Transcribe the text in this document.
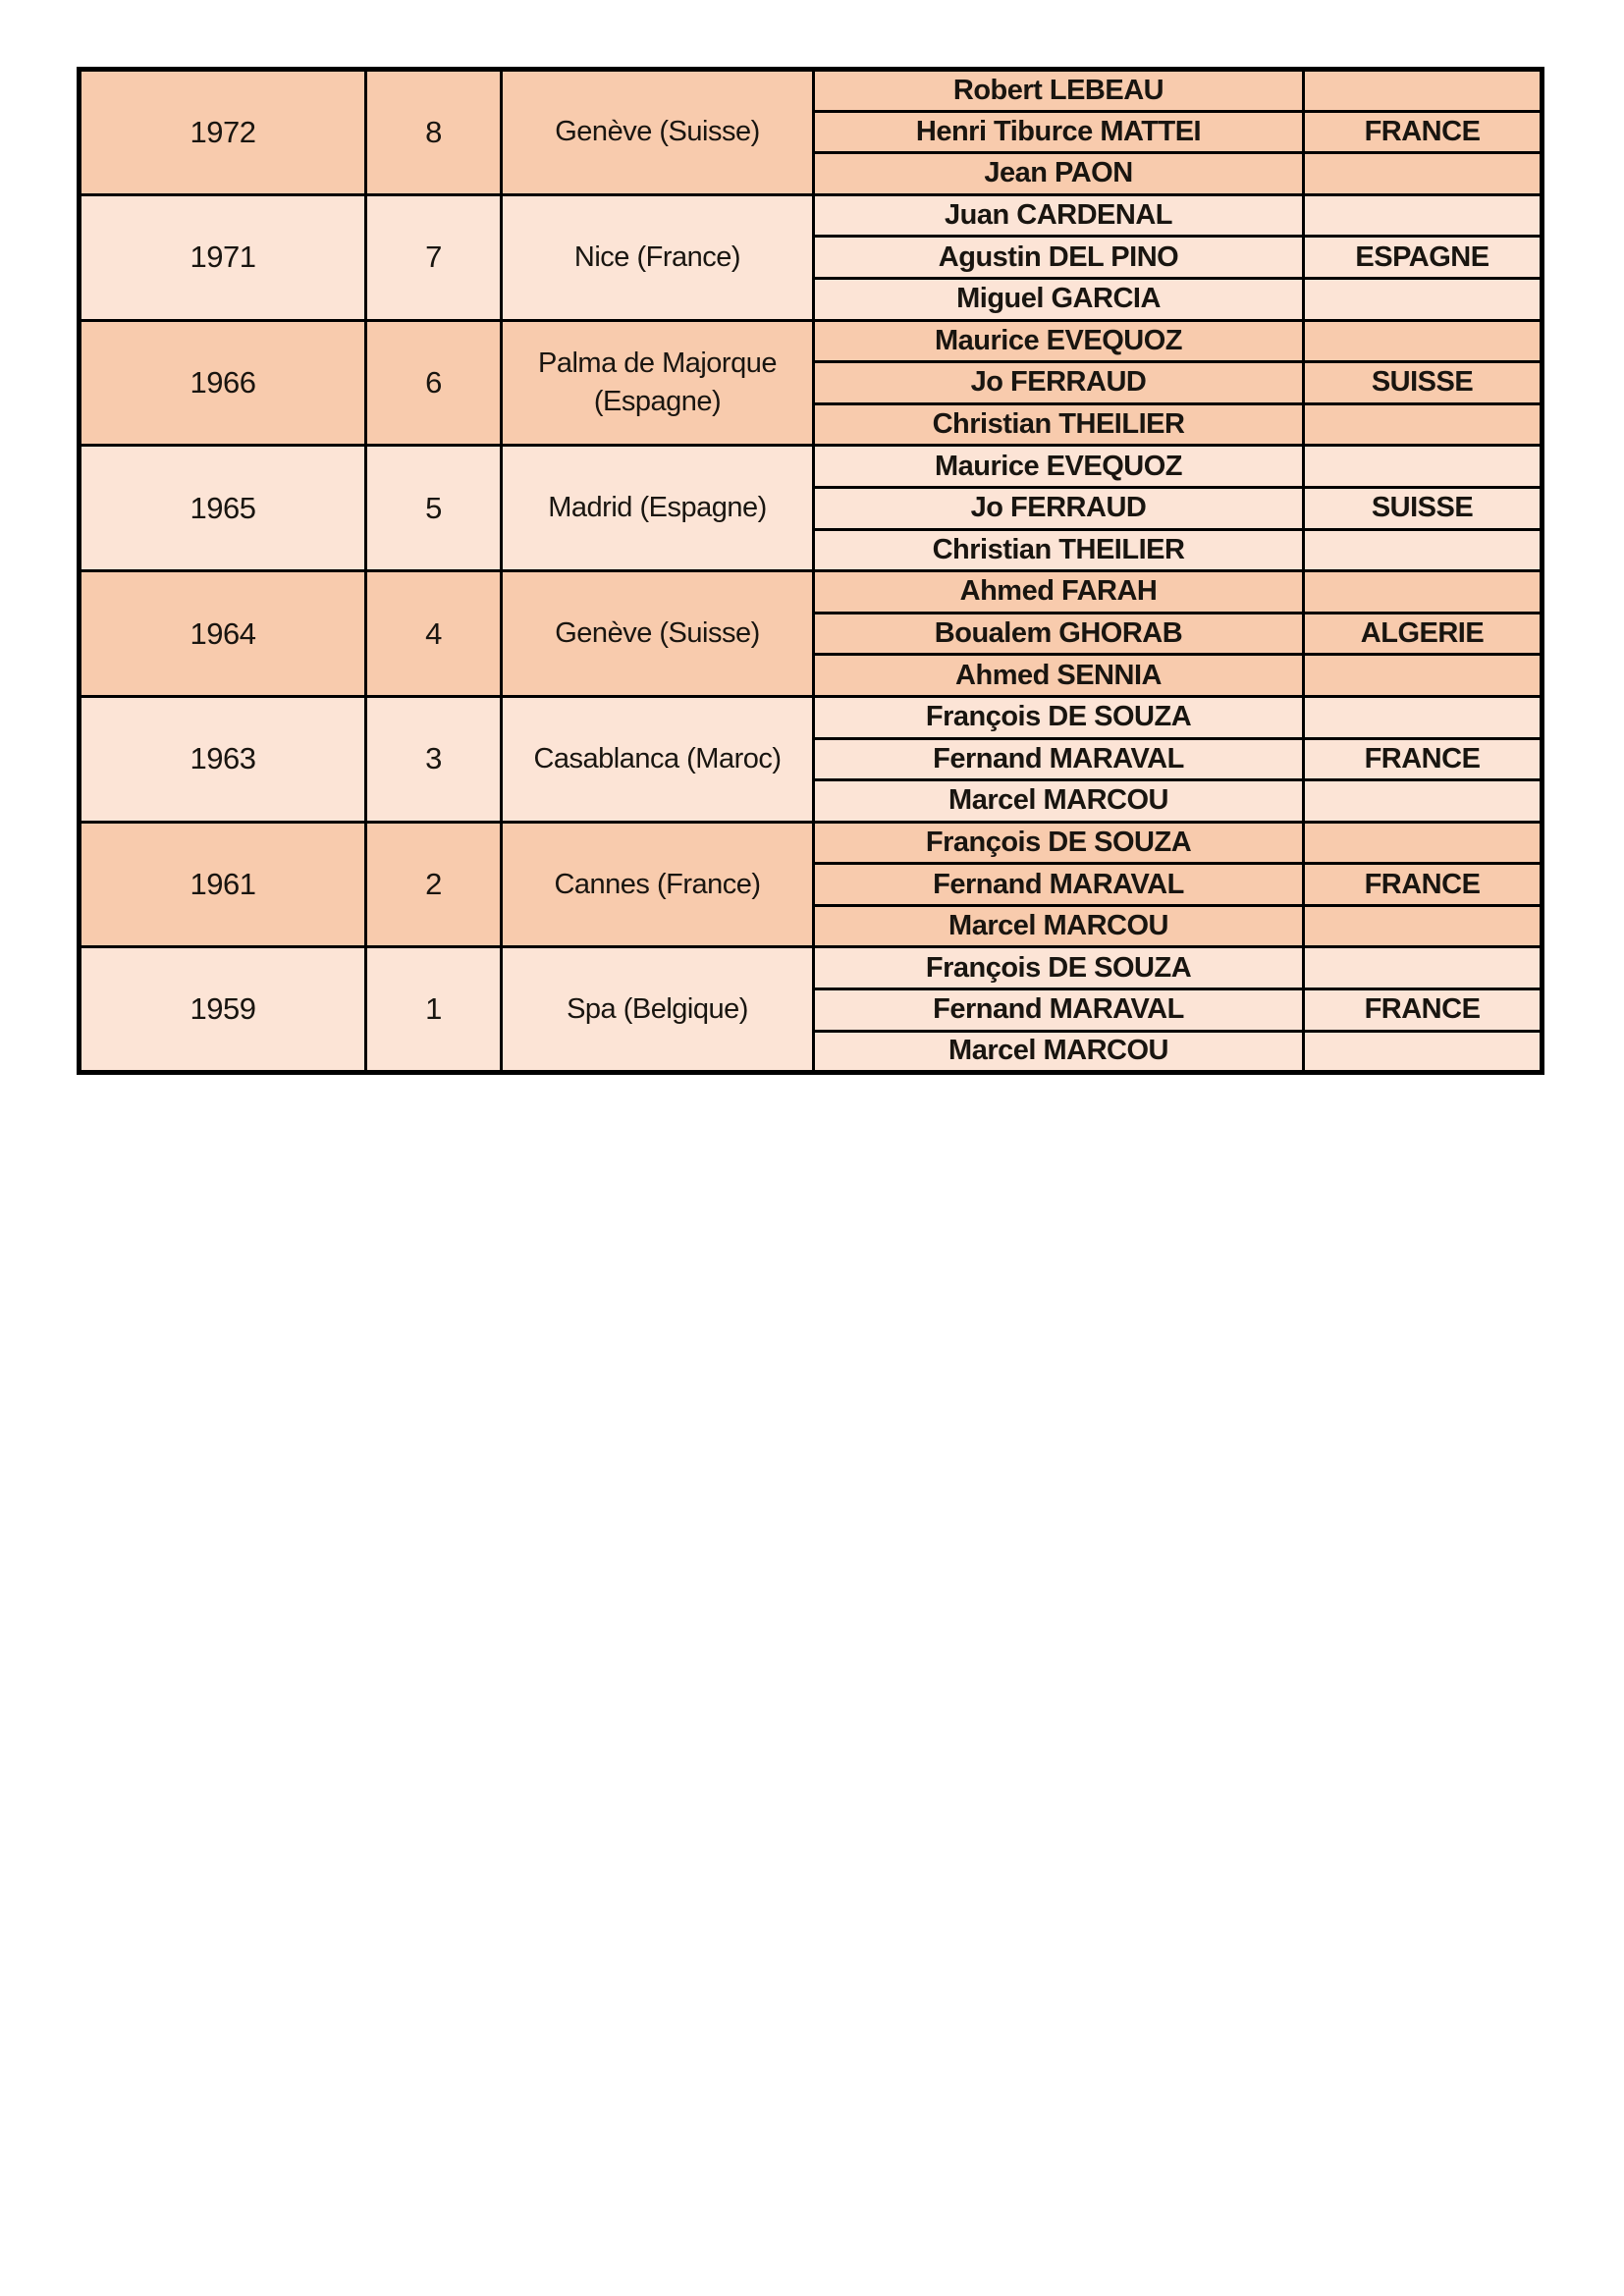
1972	8	Genève (Suisse)	Robert LEBEAU	
			Henri Tiburce MATTEI	FRANCE
			Jean PAON	
1971	7	Nice (France)	Juan CARDENAL	
			Agustin DEL PINO	ESPAGNE
			Miguel GARCIA	
1966	6	Palma de Majorque (Espagne)	Maurice EVEQUOZ	
			Jo FERRAUD	SUISSE
			Christian THEILIER	
1965	5	Madrid (Espagne)	Maurice EVEQUOZ	
			Jo FERRAUD	SUISSE
			Christian THEILIER	
1964	4	Genève (Suisse)	Ahmed FARAH	
			Boualem GHORAB	ALGERIE
			Ahmed SENNIA	
1963	3	Casablanca (Maroc)	François DE SOUZA	
			Fernand MARAVAL	FRANCE
			Marcel MARCOU	
1961	2	Cannes (France)	François DE SOUZA	
			Fernand MARAVAL	FRANCE
			Marcel MARCOU	
1959	1	Spa (Belgique)	François DE SOUZA	
			Fernand MARAVAL	FRANCE
			Marcel MARCOU	
